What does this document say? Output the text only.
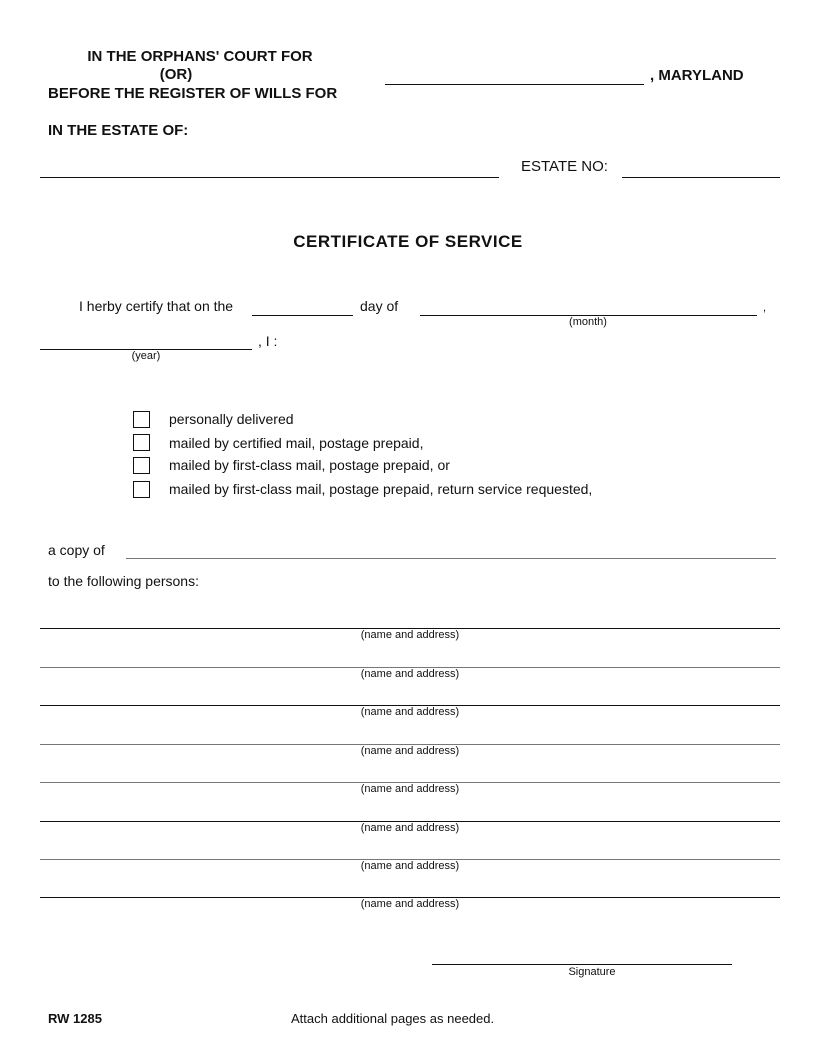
IN THE ORPHANS' COURT FOR
(OR)
BEFORE THE REGISTER OF WILLS FOR
, MARYLAND
IN THE ESTATE OF:
ESTATE NO:
CERTIFICATE OF SERVICE
I herby certify that on the	day of	,
(month)
, I :
(year)
personally delivered
mailed by certified mail, postage prepaid,
mailed by first-class mail, postage prepaid, or
mailed by first-class mail, postage prepaid, return service requested,
a copy of
to the following persons:
(name and address)
(name and address)
(name and address)
(name and address)
(name and address)
(name and address)
(name and address)
(name and address)
Signature
RW 1285	Attach additional pages as needed.
